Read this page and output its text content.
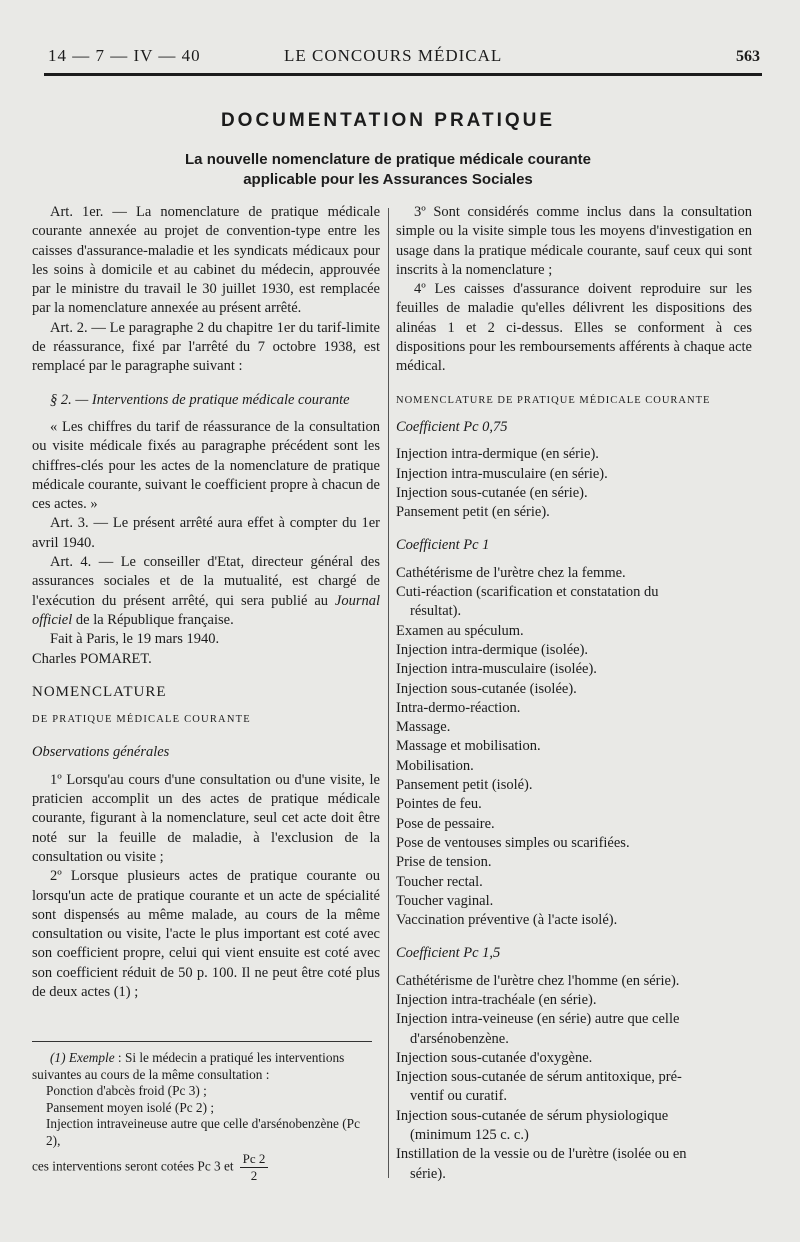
14 — 7 — IV — 40	LE CONCOURS MÉDICAL	563
DOCUMENTATION PRATIQUE
La nouvelle nomenclature de pratique médicale courante
applicable pour les Assurances Sociales

Art. 1er. — La nomenclature de pratique médicale courante annexée au projet de convention-type entre les caisses d'assurance-maladie et les syndicats médicaux pour les soins à domicile et au cabinet du médecin, approuvée par le ministre du travail le 30 juillet 1930, est remplacée par la nomenclature annexée au présent arrêté.

Art. 2. — Le paragraphe 2 du chapitre 1er du tarif-limite de réassurance, fixé par l'arrêté du 7 octobre 1938, est remplacé par le paragraphe suivant :

§ 2. — Interventions de pratique médicale courante

« Les chiffres du tarif de réassurance de la consultation ou visite médicale fixés au paragraphe précédent sont les chiffres-clés pour les actes de la nomenclature de pratique médicale courante, suivant le coefficient propre à chacun de ces actes. »

Art. 3. — Le présent arrêté aura effet à compter du 1er avril 1940.

Art. 4. — Le conseiller d'Etat, directeur général des assurances sociales et de la mutualité, est chargé de l'exécution du présent arrêté, qui sera publié au Journal officiel de la République française.

Fait à Paris, le 19 mars 1940.

Charles POMARET.

NOMENCLATURE

DE PRATIQUE MÉDICALE COURANTE

Observations générales

1º Lorsqu'au cours d'une consultation ou d'une visite, le praticien accomplit un des actes de pratique médicale courante, figurant à la nomenclature, seul cet acte doit être noté sur la feuille de maladie, à l'exclusion de la consultation ou visite ;

2º Lorsque plusieurs actes de pratique courante ou lorsqu'un acte de pratique courante et un acte de spécialité sont dispensés au même malade, au cours de la même consultation ou visite, l'acte le plus important est coté avec son coefficient propre, celui qui vient ensuite est coté avec son coefficient réduit de 50 p. 100. Il ne peut être coté plus de deux actes (1) ;

(1) Exemple : Si le médecin a pratiqué les interventions suivantes au cours de la même consultation :

Ponction d'abcès froid (Pc 3) ;

Pansement moyen isolé (Pc 2) ;

Injection intraveineuse autre que celle d'arsénobenzène (Pc 2),

ces interventions seront cotées Pc 3 et $\frac{Pc 2}{2}$

3º Sont considérés comme inclus dans la consultation simple ou la visite simple tous les moyens d'investigation en usage dans la pratique médicale courante, sauf ceux qui sont inscrits à la nomenclature ;

4º Les caisses d'assurance doivent reproduire sur les feuilles de maladie qu'elles délivrent les dispositions des alinéas 1 et 2 ci-dessus. Elles se conforment à ces dispositions pour les remboursements afférents à chaque acte médical.

NOMENCLATURE DE PRATIQUE MÉDICALE COURANTE

Coefficient Pc 0,75

Injection intra-dermique (en série).

Injection intra-musculaire (en série).

Injection sous-cutanée (en série).

Pansement petit (en série).

Coefficient Pc 1

Cathétérisme de l'urètre chez la femme.

Cuti-réaction (scarification et constatation du
résultat).

Examen au spéculum.

Injection intra-dermique (isolée).

Injection intra-musculaire (isolée).

Injection sous-cutanée (isolée).

Intra-dermo-réaction.

Massage.

Massage et mobilisation.

Mobilisation.

Pansement petit (isolé).

Pointes de feu.

Pose de pessaire.

Pose de ventouses simples ou scarifiées.

Prise de tension.

Toucher rectal.

Toucher vaginal.

Vaccination préventive (à l'acte isolé).

Coefficient Pc 1,5

Cathétérisme de l'urètre chez l'homme (en série).

Injection intra-trachéale (en série).

Injection intra-veineuse (en série) autre que celle
d'arsénobenzène.

Injection sous-cutanée d'oxygène.

Injection sous-cutanée de sérum antitoxique, pré-
ventif ou curatif.

Injection sous-cutanée de sérum physiologique
(minimum 125 c. c.)

Instillation de la vessie ou de l'urètre (isolée ou en
série).
